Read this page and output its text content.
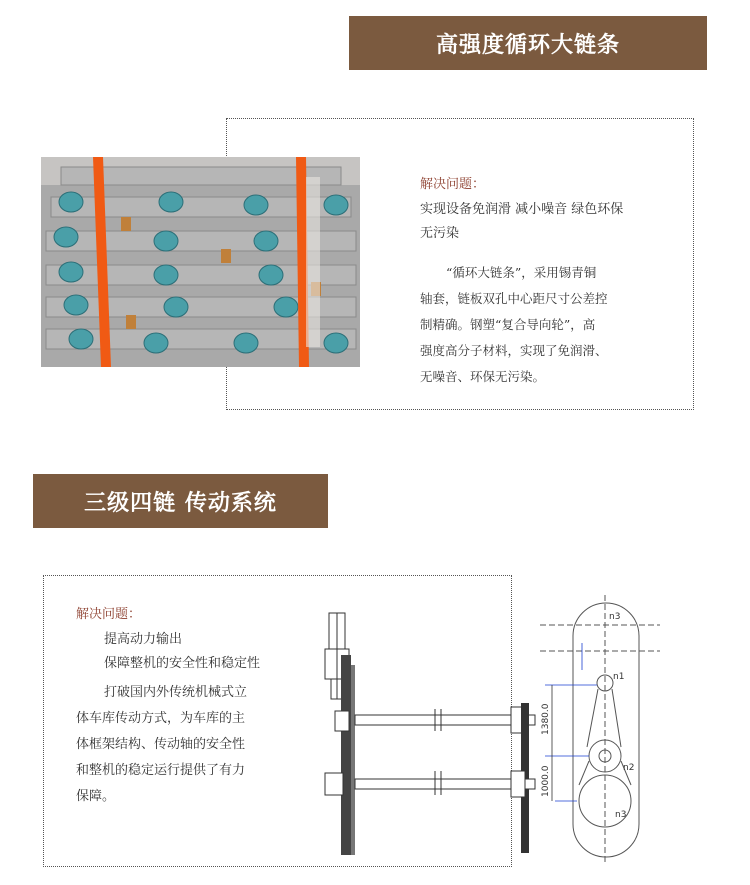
高强度循环大链条
解决问题：
实现设备免润滑 减小噪音 绿色环保
无污染
“循环大链条”，采用锡青铜
轴套，链板双孔中心距尺寸公差控
制精确。钢塑“复合导向轮”，高
强度高分子材料，实现了免润滑、
无噪音、环保无污染。
三级四链 传动系统
解决问题：
提高动力输出
保障整机的安全性和稳定性
打破国内外传统机械式立
体车库传动方式，为车库的主
体框架结构、传动轴的安全性
和整机的稳定运行提供了有力
保障。
n3
n1
n2
n3
1380.0
1000.0
